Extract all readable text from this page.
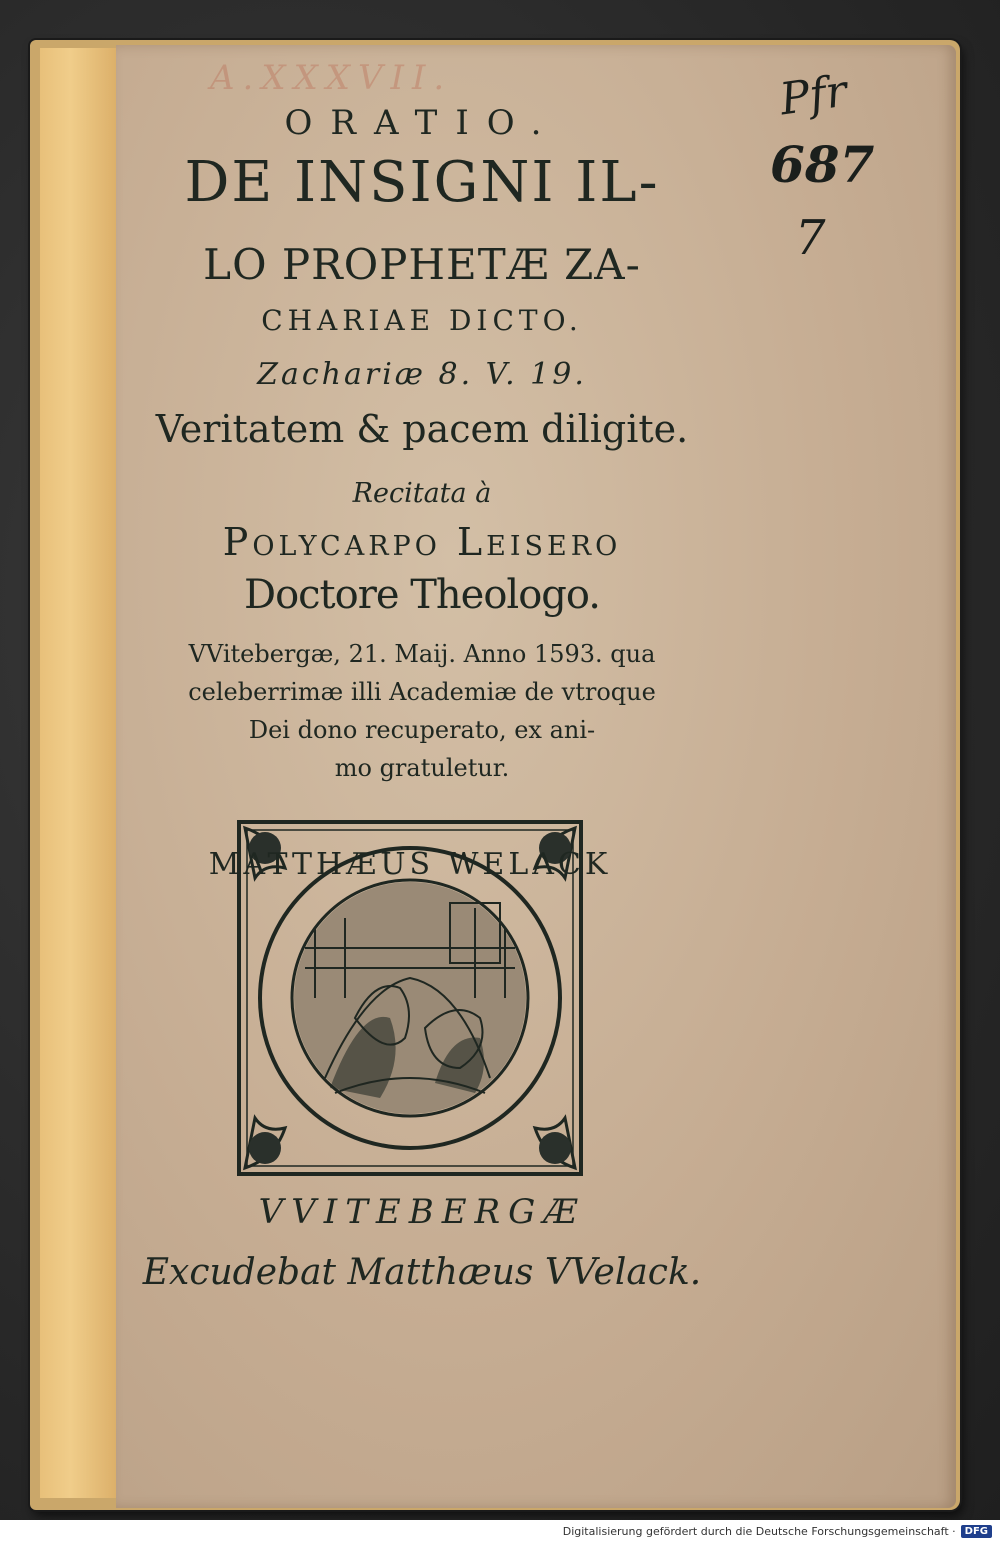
A.XXXVII.	Pfr
687
7
ORATIO.
DE INSIGNI IL-
LO PROPHETÆ ZA-
CHARIAE DICTO.
Zachariæ 8. V. 19.
Veritatem & pacem diligite.
Recitata à
Polycarpo Leisero
Doctore Theologo.
VVitebergæ, 21. Maij. Anno 1593. qua
celeberrimæ illi Academiæ de vtroque
Dei dono recuperato, ex ani-
mo gratuletur.
MATTHÆUS WELACK
VVITEBERGÆ
Excudebat Matthæus VVelack.
Digitalisierung gefördert durch die Deutsche Forschungsgemeinschaft · DFG
